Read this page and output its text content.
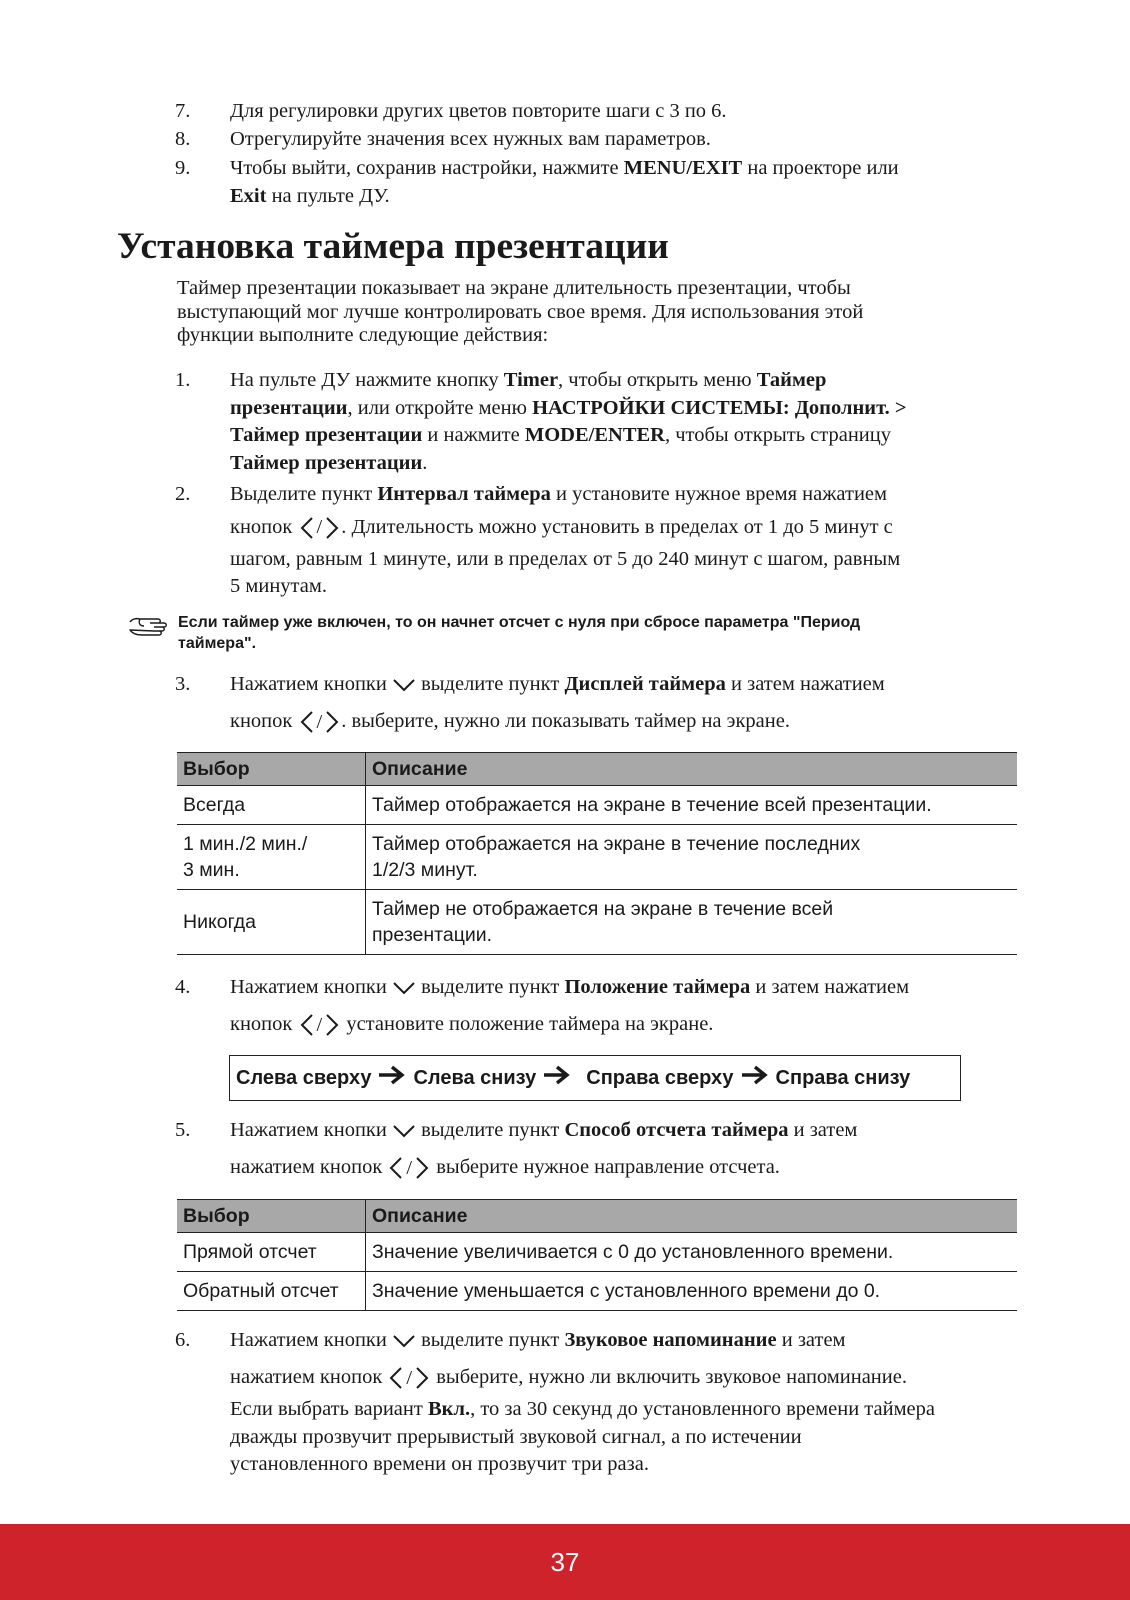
7.	Для регулировки других цветов повторите шаги с 3 по 6.
8.	Отрегулируйте значения всех нужных вам параметров.
9.	Чтобы выйти, сохранив настройки, нажмите MENU/EXIT на проекторе или
Exit на пульте ДУ.
Установка таймера презентации
Таймер презентации показывает на экране длительность презентации, чтобы
выступающий мог лучше контролировать свое время. Для использования этой
функции выполните следующие действия:
1.	На пульте ДУ нажмите кнопку Timer, чтобы открыть меню Таймер
презентации, или откройте меню НАСТРОЙКИ СИСТЕМЫ: Дополнит. >
Таймер презентации и нажмите MODE/ENTER, чтобы открыть страницу
Таймер презентации.
2.	Выделите пункт Интервал таймера и установите нужное время нажатием
кнопок / . Длительность можно установить в пределах от 1 до 5 минут с
шагом, равным 1 минуте, или в пределах от 5 до 240 минут с шагом, равным
5 минутам.
Если таймер уже включен, то он начнет отсчет с нуля при сбросе параметра "Период
таймера".
3.	Нажатием кнопки
выделите пункт Дисплей таймера и затем нажатием
кнопок / . выберите, нужно ли показывать таймер на экране.
Выбор	Описание
Всегда	Таймер отображается на экране в течение всей презентации.

1 мин./2 мин./
3 мин.	Таймер отображается на экране в течение последних
1/2/3 минут.

Никогда	Таймер не отображается на экране в течение всей
презентации.
4.	Нажатием кнопки
выделите пункт Положение таймера и затем нажатием
кнопок / установите положение таймера на экране.
Слева сверху Слева снизу	Справа сверху Справа снизу
5.	Нажатием кнопки
выделите пункт Способ отсчета таймера и затем
нажатием кнопок / выберите нужное направление отсчета.
Выбор	Описание
Прямой отсчет	Значение увеличивается с 0 до установленного времени.
Обратный отсчет	Значение уменьшается с установленного времени до 0.
6.	Нажатием кнопки
выделите пункт Звуковое напоминание и затем
нажатием кнопок / выберите, нужно ли включить звуковое напоминание.
Если выбрать вариант Вкл., то за 30 секунд до установленного времени таймера
дважды прозвучит прерывистый звуковой сигнал, а по истечении
установленного времени он прозвучит три раза.
37
